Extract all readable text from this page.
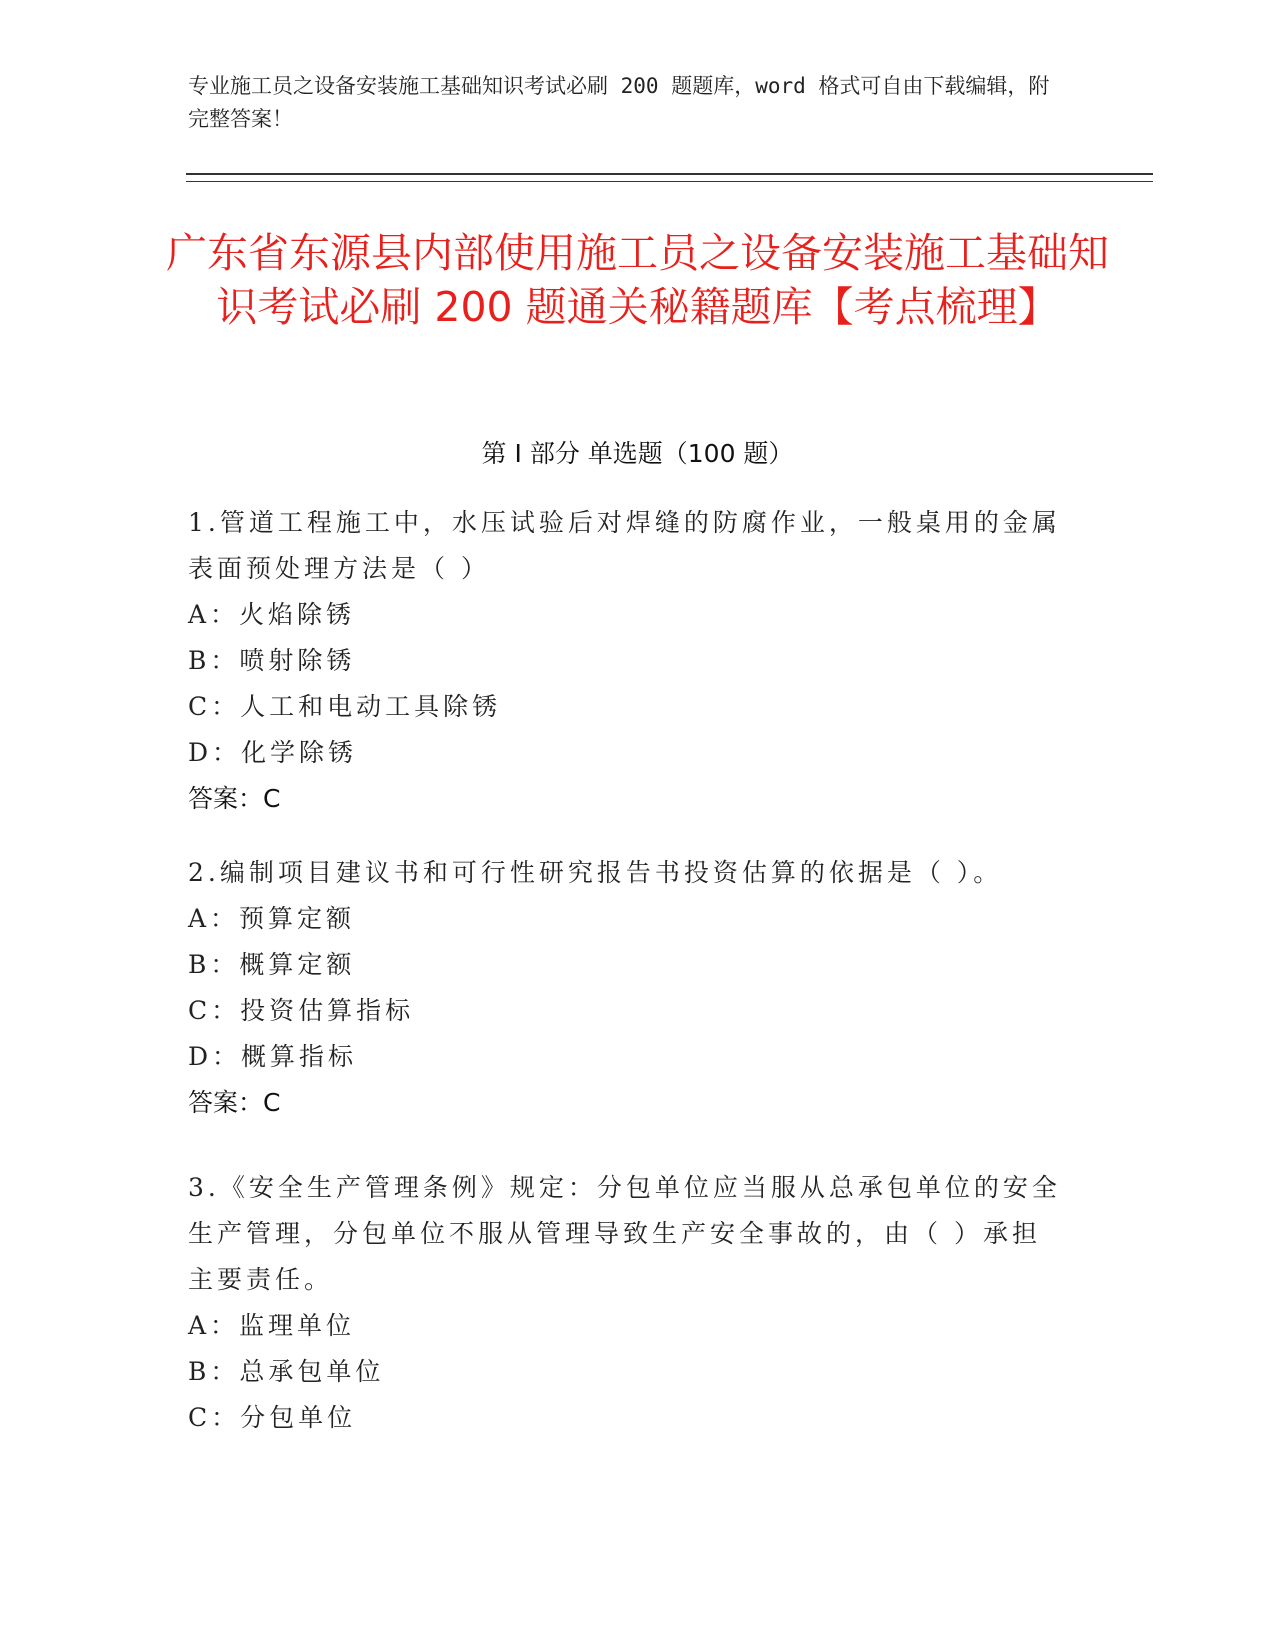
专业施工员之设备安装施工基础知识考试必刷 200 题题库，word 格式可自由下载编辑，附完整答案！
广东省东源县内部使用施工员之设备安装施工基础知识考试必刷 200 题通关秘籍题库【考点梳理】
第 I 部分 单选题（100 题）
1.管道工程施工中，水压试验后对焊缝的防腐作业，一般桌用的金属表面预处理方法是（ ）
A：火焰除锈
B：喷射除锈
C：人工和电动工具除锈
D：化学除锈
答案：C
2.编制项目建议书和可行性研究报告书投资估算的依据是（ ）。
A：预算定额
B：概算定额
C：投资估算指标
D：概算指标
答案：C
3.《安全生产管理条例》规定：分包单位应当服从总承包单位的安全生产管理，分包单位不服从管理导致生产安全事故的，由（ ）承担主要责任。
A：监理单位
B：总承包单位
C：分包单位
